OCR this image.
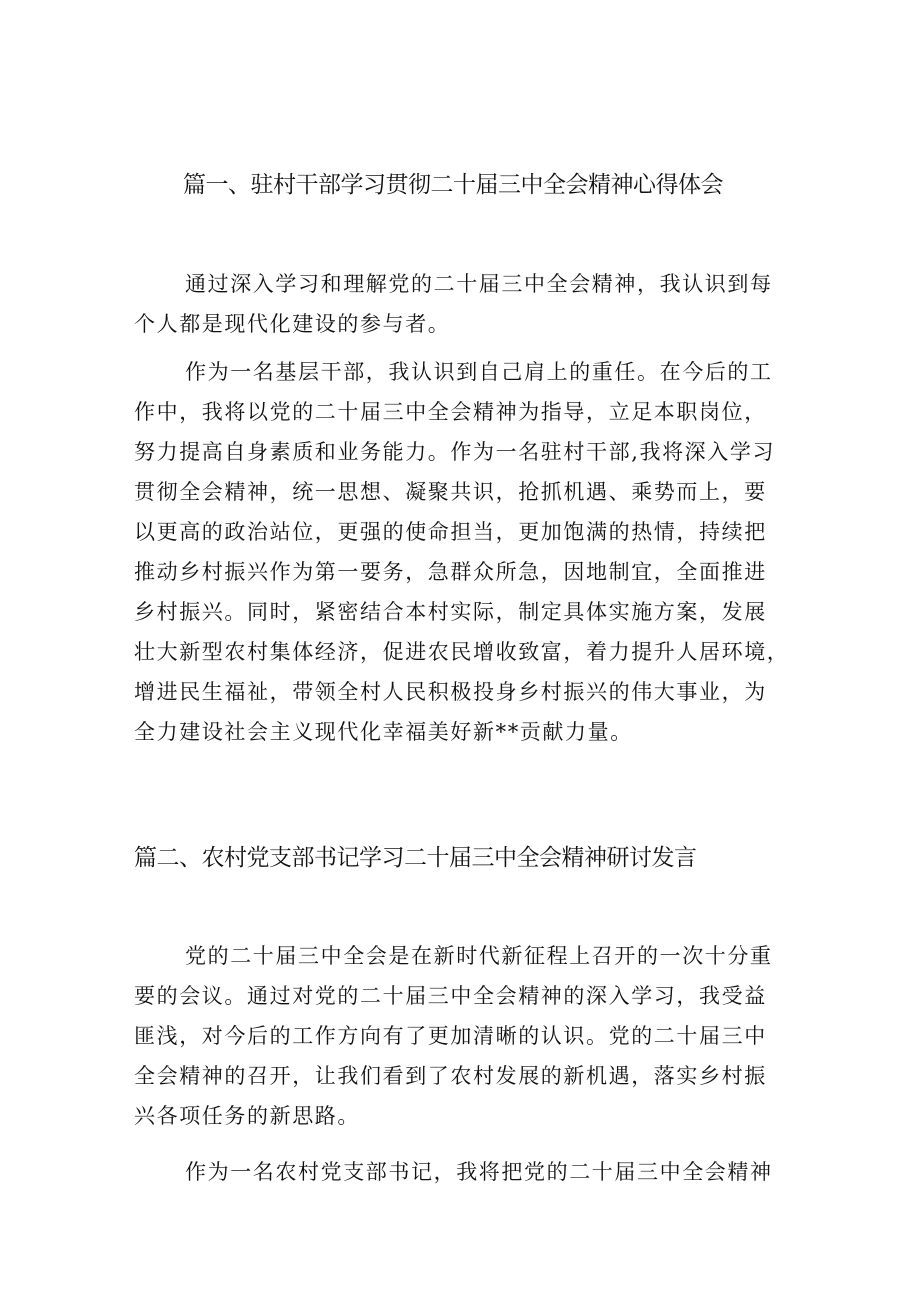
篇一、驻村干部学习贯彻二十届三中全会精神心得体会
通过深入学习和理解党的二十届三中全会精神，我认识到每
个人都是现代化建设的参与者。
作为一名基层干部，我认识到自己肩上的重任。在今后的工
作中，我将以党的二十届三中全会精神为指导，立足本职岗位，
努力提高自身素质和业务能力。作为一名驻村干部,我将深入学习
贯彻全会精神，统一思想、凝聚共识，抢抓机遇、乘势而上，要
以更高的政治站位，更强的使命担当，更加饱满的热情，持续把
推动乡村振兴作为第一要务，急群众所急，因地制宜，全面推进
乡村振兴。同时，紧密结合本村实际，制定具体实施方案，发展
壮大新型农村集体经济，促进农民增收致富，着力提升人居环境，
增进民生福祉，带领全村人民积极投身乡村振兴的伟大事业，为
全力建设社会主义现代化幸福美好新**贡献力量。
篇二、农村党支部书记学习二十届三中全会精神研讨发言
党的二十届三中全会是在新时代新征程上召开的一次十分重
要的会议。通过对党的二十届三中全会精神的深入学习，我受益
匪浅，对今后的工作方向有了更加清晰的认识。党的二十届三中
全会精神的召开，让我们看到了农村发展的新机遇，落实乡村振
兴各项任务的新思路。
作为一名农村党支部书记，我将把党的二十届三中全会精神
